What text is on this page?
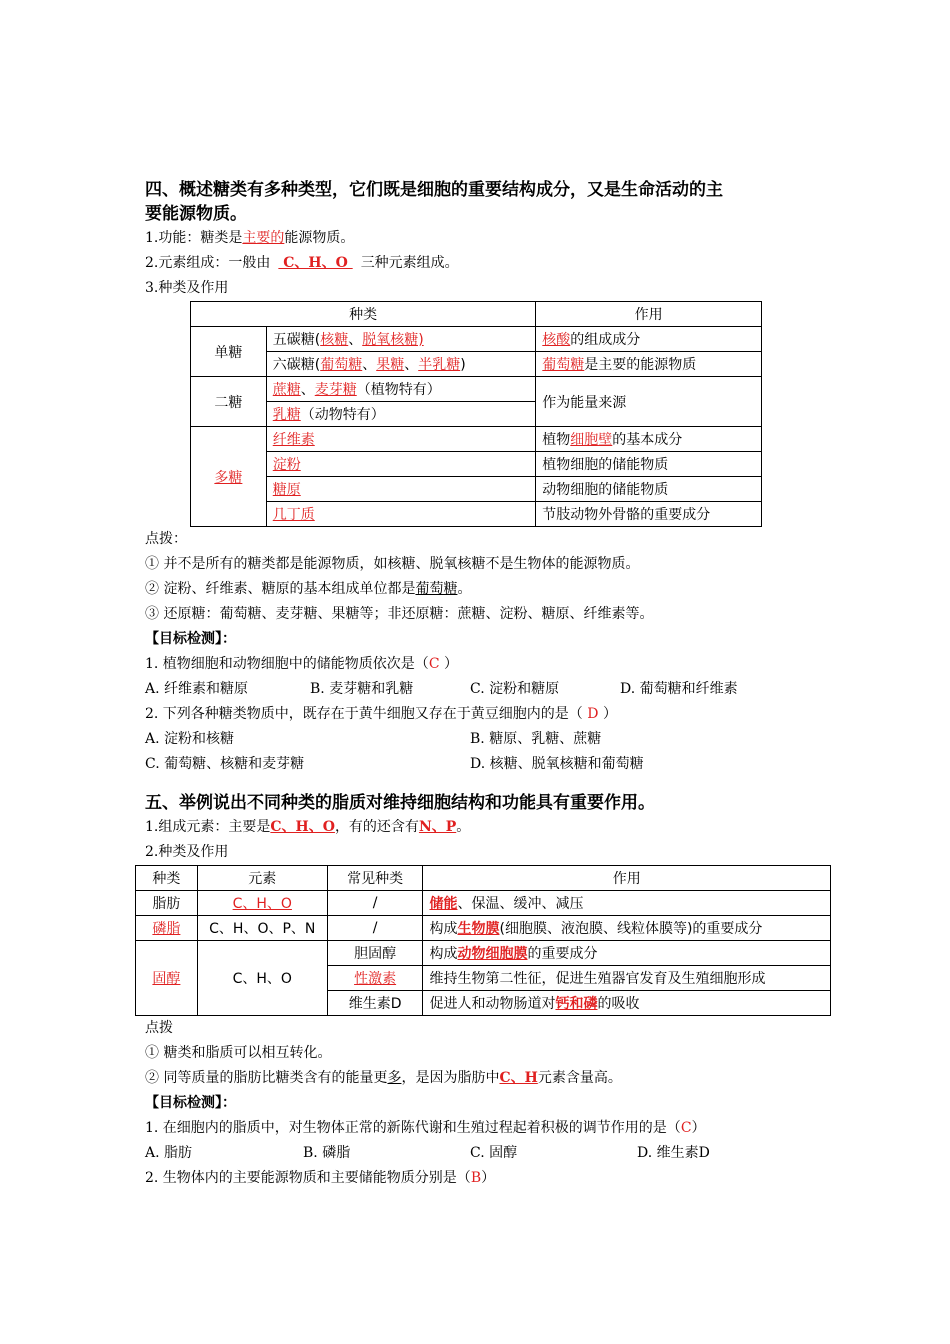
四、概述糖类有多种类型，它们既是细胞的重要结构成分，又是生命活动的主

要能源物质。

1.功能：糖类是主要的能源物质。

2.元素组成：一般由 C、H、O 三种元素组成。

3.种类及作用

种类		作用
单糖	五碳糖(核糖、脱氧核糖)	核酸的组成成分
	六碳糖(葡萄糖、果糖、半乳糖)	葡萄糖是主要的能源物质
二糖	蔗糖、麦芽糖（植物特有）	作为能量来源
	乳糖（动物特有）	
多糖	纤维素	植物细胞壁的基本成分
	淀粉	植物细胞的储能物质
	糖原	动物细胞的储能物质
	几丁质	节肢动物外骨骼的重要成分

点拨：

① 并不是所有的糖类都是能源物质，如核糖、脱氧核糖不是生物体的能源物质。

② 淀粉、纤维素、糖原的基本组成单位都是葡萄糖。

③ 还原糖：葡萄糖、麦芽糖、果糖等；非还原糖：蔗糖、淀粉、糖原、纤维素等。

【目标检测】：

1. 植物细胞和动物细胞中的储能物质依次是（C ）

A. 纤维素和糖原	B. 麦芽糖和乳糖	C. 淀粉和糖原	D. 葡萄糖和纤维素

2. 下列各种糖类物质中，既存在于黄牛细胞又存在于黄豆细胞内的是（ D ）

A. 淀粉和核糖	B. 糖原、乳糖、蔗糖
C. 葡萄糖、核糖和麦芽糖	D. 核糖、脱氧核糖和葡萄糖

五、举例说出不同种类的脂质对维持细胞结构和功能具有重要作用。

1.组成元素：主要是C、H、O，有的还含有N、P。

2.种类及作用

种类	元素	常见种类	作用
脂肪	C、H、O	/	储能、保温、缓冲、减压
磷脂	C、H、O、P、N	/	构成生物膜(细胞膜、液泡膜、线粒体膜等)的重要成分
固醇	C、H、O	胆固醇	构成动物细胞膜的重要成分
		性激素	维持生物第二性征，促进生殖器官发育及生殖细胞形成
		维生素D	促进人和动物肠道对钙和磷的吸收

点拨

① 糖类和脂质可以相互转化。

② 同等质量的脂肪比糖类含有的能量更多，是因为脂肪中C、H元素含量高。

【目标检测】：

1. 在细胞内的脂质中，对生物体正常的新陈代谢和生殖过程起着积极的调节作用的是（C）

A. 脂肪	B. 磷脂	C. 固醇	D. 维生素D

2. 生物体内的主要能源物质和主要储能物质分别是（B）
